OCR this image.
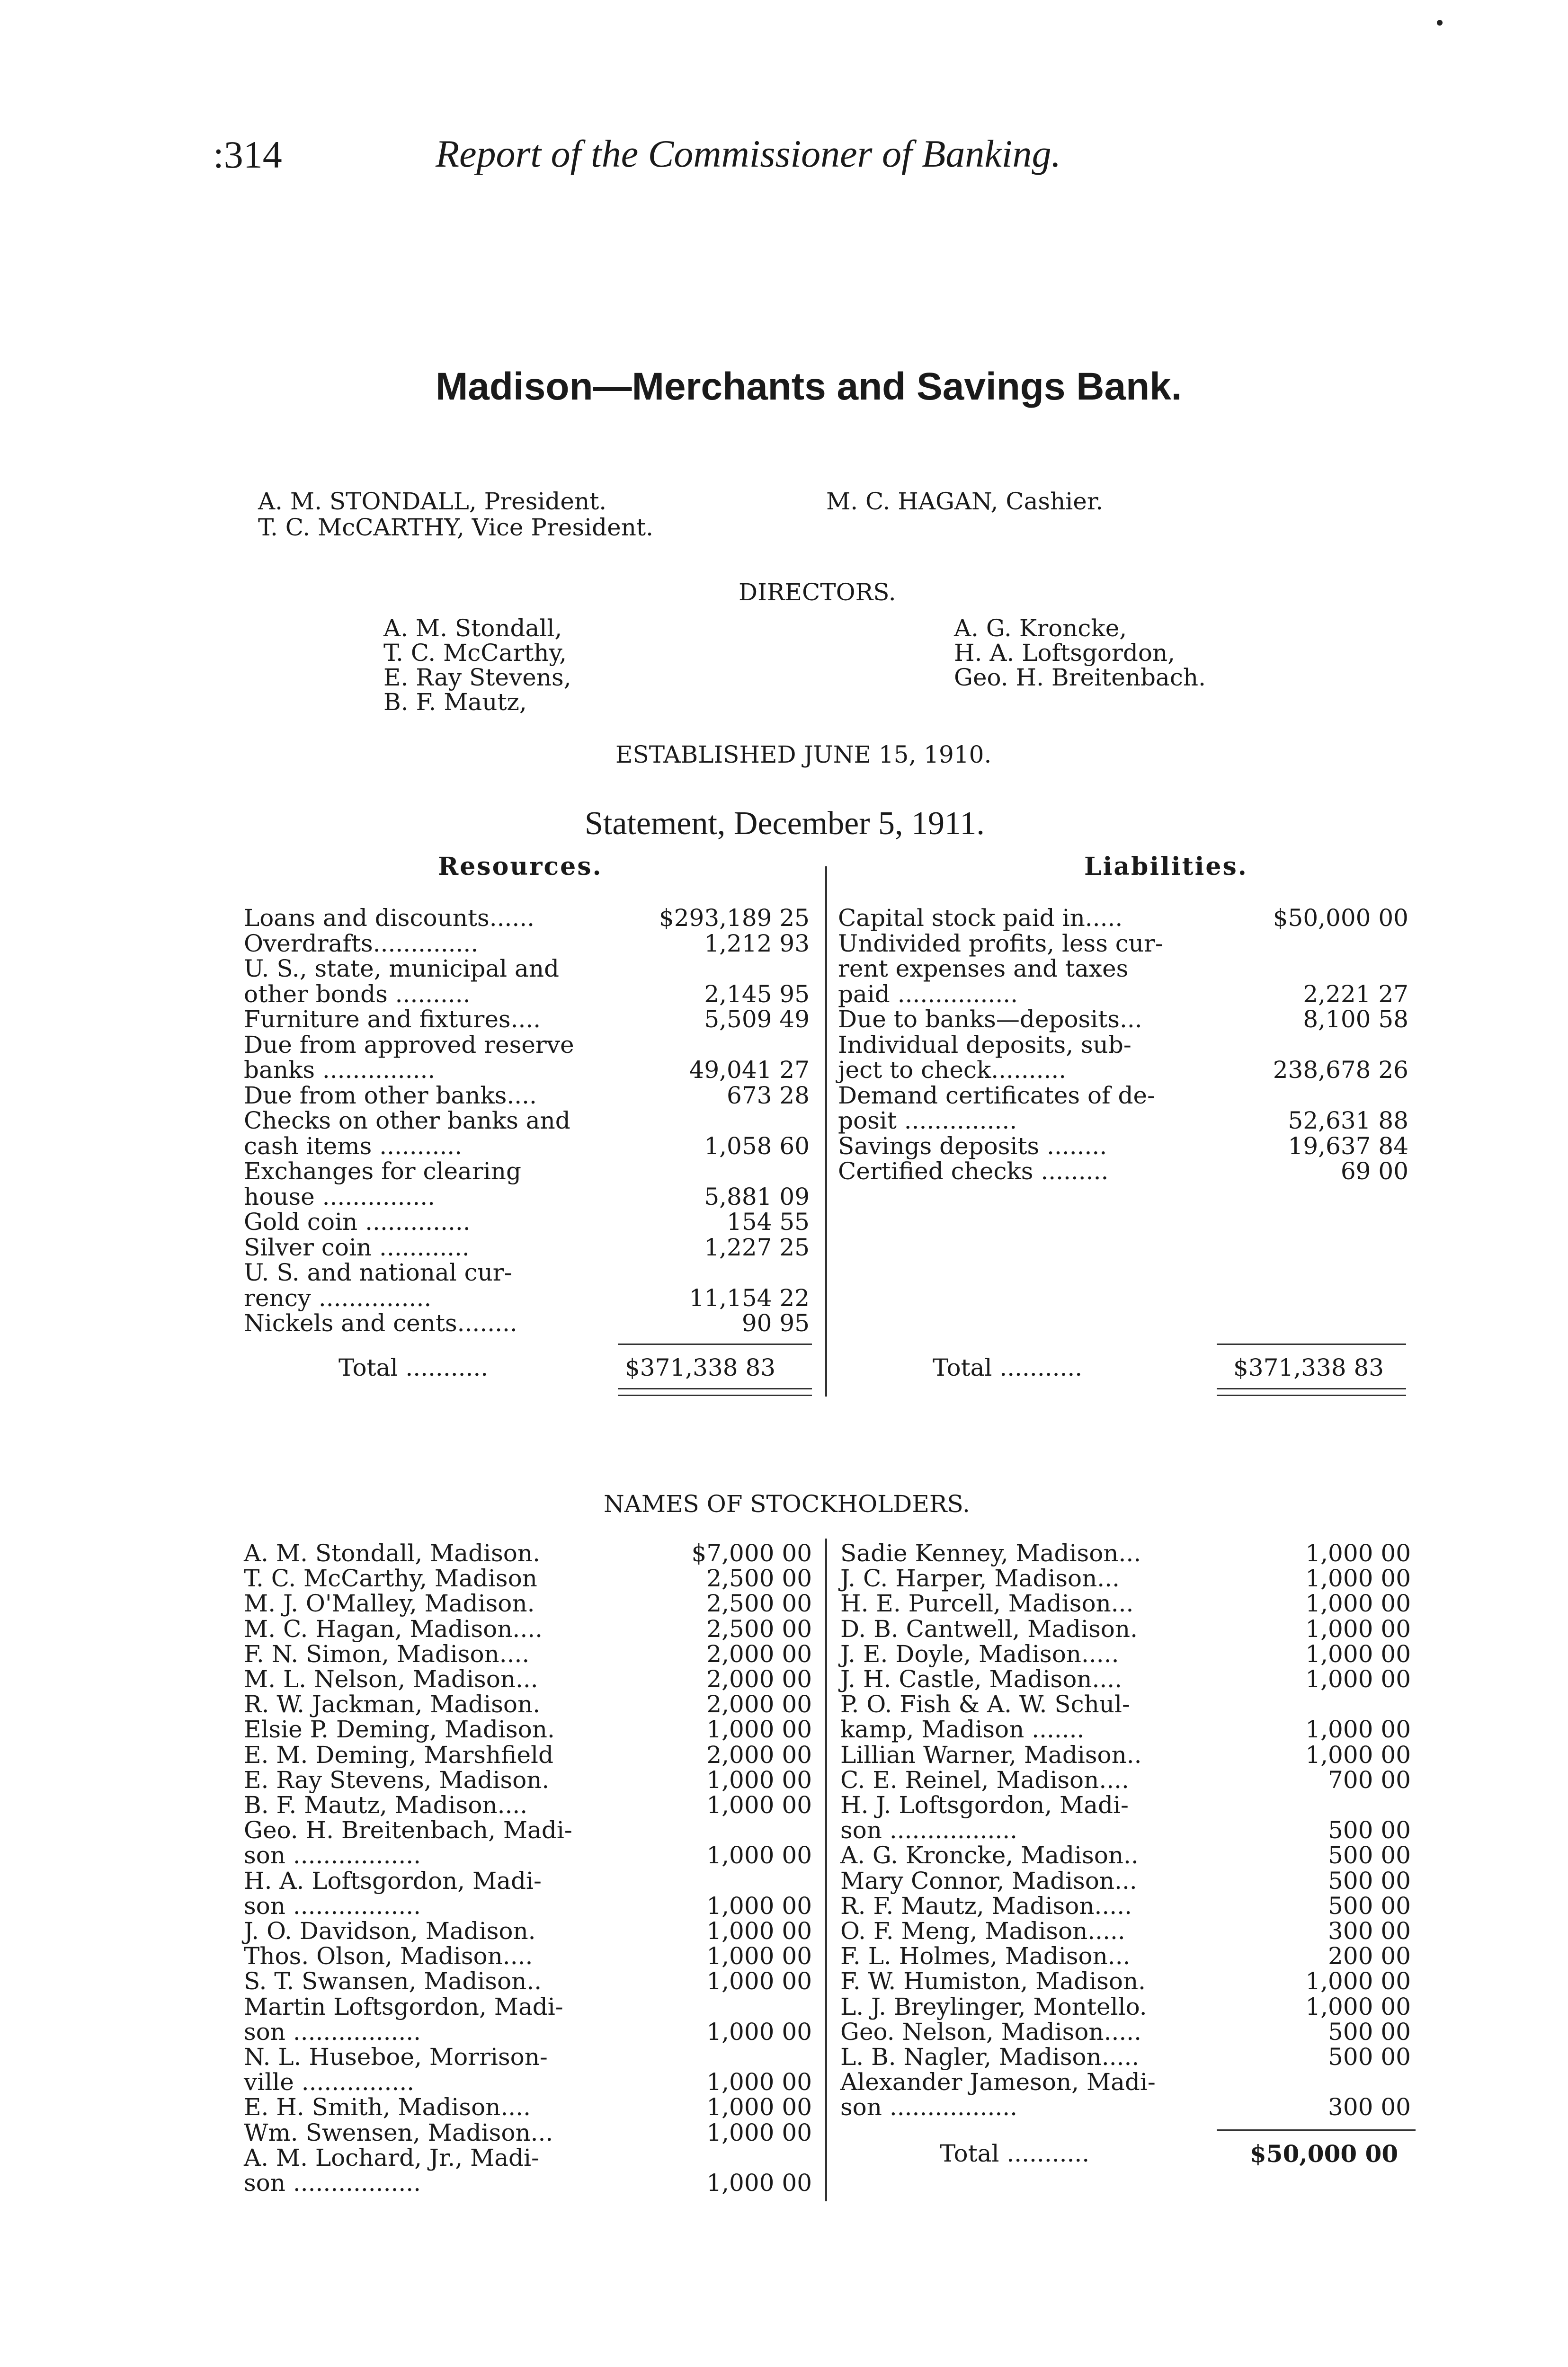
:314	Report of the Commissioner of Banking.
Madison—Merchants and Savings Bank.
A. M. STONDALL, President.
T. C. McCARTHY, Vice President.
M. C. HAGAN, Cashier.
DIRECTORS.
A. M. Stondall,
T. C. McCarthy,
E. Ray Stevens,
B. F. Mautz,
A. G. Kroncke,
H. A. Loftsgordon,
Geo. H. Breitenbach.
ESTABLISHED JUNE 15, 1910.
Statement, December 5, 1911.
Resources.	Liabilities.
Loans and discounts......	$293,189 25
Overdrafts..............	1,212 93
U. S., state, municipal and
other bonds ..........	2,145 95
Furniture and fixtures....	5,509 49
Due from approved reserve
banks ...............	49,041 27
Due from other banks....	673 28
Checks on other banks and
cash items ...........	1,058 60
Exchanges for clearing
house ...............	5,881 09
Gold coin ..............	154 55
Silver coin ............	1,227 25
U. S. and national cur-
rency ...............	11,154 22
Nickels and cents........	90 95
Capital stock paid in.....	$50,000 00
Undivided profits, less cur-
rent expenses and taxes
paid ................	2,221 27
Due to banks—deposits...	8,100 58
Individual deposits, sub-
ject to check..........	238,678 26
Demand certificates of de-
posit ...............	52,631 88
Savings deposits ........	19,637 84
Certified checks .........	69 00
Total ...........	$371,338 83	Total ...........	$371,338 83
NAMES OF STOCKHOLDERS.
A. M. Stondall, Madison.	$7,000 00
T. C. McCarthy, Madison	2,500 00
M. J. O'Malley, Madison.	2,500 00
M. C. Hagan, Madison....	2,500 00
F. N. Simon, Madison....	2,000 00
M. L. Nelson, Madison...	2,000 00
R. W. Jackman, Madison.	2,000 00
Elsie P. Deming, Madison.	1,000 00
E. M. Deming, Marshfield	2,000 00
E. Ray Stevens, Madison.	1,000 00
B. F. Mautz, Madison....	1,000 00
Geo. H. Breitenbach, Madi-
son .................	1,000 00
H. A. Loftsgordon, Madi-
son .................	1,000 00
J. O. Davidson, Madison.	1,000 00
Thos. Olson, Madison....	1,000 00
S. T. Swansen, Madison..	1,000 00
Martin Loftsgordon, Madi-
son .................	1,000 00
N. L. Huseboe, Morrison-
ville ...............	1,000 00
E. H. Smith, Madison....	1,000 00
Wm. Swensen, Madison...	1,000 00
A. M. Lochard, Jr., Madi-
son .................	1,000 00
Sadie Kenney, Madison...	1,000 00
J. C. Harper, Madison...	1,000 00
H. E. Purcell, Madison...	1,000 00
D. B. Cantwell, Madison.	1,000 00
J. E. Doyle, Madison.....	1,000 00
J. H. Castle, Madison....	1,000 00
P. O. Fish & A. W. Schul-
kamp, Madison .......	1,000 00
Lillian Warner, Madison..	1,000 00
C. E. Reinel, Madison....	700 00
H. J. Loftsgordon, Madi-
son .................	500 00
A. G. Kroncke, Madison..	500 00
Mary Connor, Madison...	500 00
R. F. Mautz, Madison.....	500 00
O. F. Meng, Madison.....	300 00
F. L. Holmes, Madison...	200 00
F. W. Humiston, Madison.	1,000 00
L. J. Breylinger, Montello.	1,000 00
Geo. Nelson, Madison.....	500 00
L. B. Nagler, Madison.....	500 00
Alexander Jameson, Madi-
son .................	300 00
Total ...........	$50,000 00
